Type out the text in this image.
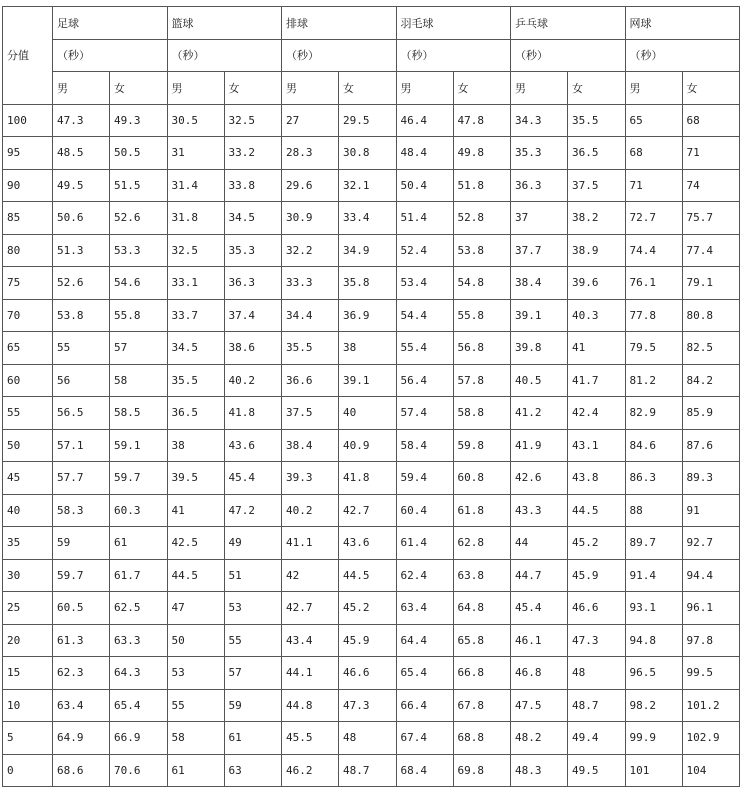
分值	足球		篮球		排球		羽毛球		乒乓球		网球	
	（秒）		（秒）		（秒）		（秒）		（秒）		（秒）	
	男	女	男	女	男	女	男	女	男	女	男	女
100	47.3	49.3	30.5	32.5	27	29.5	46.4	47.8	34.3	35.5	65	68
95	48.5	50.5	31	33.2	28.3	30.8	48.4	49.8	35.3	36.5	68	71
90	49.5	51.5	31.4	33.8	29.6	32.1	50.4	51.8	36.3	37.5	71	74
85	50.6	52.6	31.8	34.5	30.9	33.4	51.4	52.8	37	38.2	72.7	75.7
80	51.3	53.3	32.5	35.3	32.2	34.9	52.4	53.8	37.7	38.9	74.4	77.4
75	52.6	54.6	33.1	36.3	33.3	35.8	53.4	54.8	38.4	39.6	76.1	79.1
70	53.8	55.8	33.7	37.4	34.4	36.9	54.4	55.8	39.1	40.3	77.8	80.8
65	55	57	34.5	38.6	35.5	38	55.4	56.8	39.8	41	79.5	82.5
60	56	58	35.5	40.2	36.6	39.1	56.4	57.8	40.5	41.7	81.2	84.2
55	56.5	58.5	36.5	41.8	37.5	40	57.4	58.8	41.2	42.4	82.9	85.9
50	57.1	59.1	38	43.6	38.4	40.9	58.4	59.8	41.9	43.1	84.6	87.6
45	57.7	59.7	39.5	45.4	39.3	41.8	59.4	60.8	42.6	43.8	86.3	89.3
40	58.3	60.3	41	47.2	40.2	42.7	60.4	61.8	43.3	44.5	88	91
35	59	61	42.5	49	41.1	43.6	61.4	62.8	44	45.2	89.7	92.7
30	59.7	61.7	44.5	51	42	44.5	62.4	63.8	44.7	45.9	91.4	94.4
25	60.5	62.5	47	53	42.7	45.2	63.4	64.8	45.4	46.6	93.1	96.1
20	61.3	63.3	50	55	43.4	45.9	64.4	65.8	46.1	47.3	94.8	97.8
15	62.3	64.3	53	57	44.1	46.6	65.4	66.8	46.8	48	96.5	99.5
10	63.4	65.4	55	59	44.8	47.3	66.4	67.8	47.5	48.7	98.2	101.2
5	64.9	66.9	58	61	45.5	48	67.4	68.8	48.2	49.4	99.9	102.9
0	68.6	70.6	61	63	46.2	48.7	68.4	69.8	48.3	49.5	101	104
